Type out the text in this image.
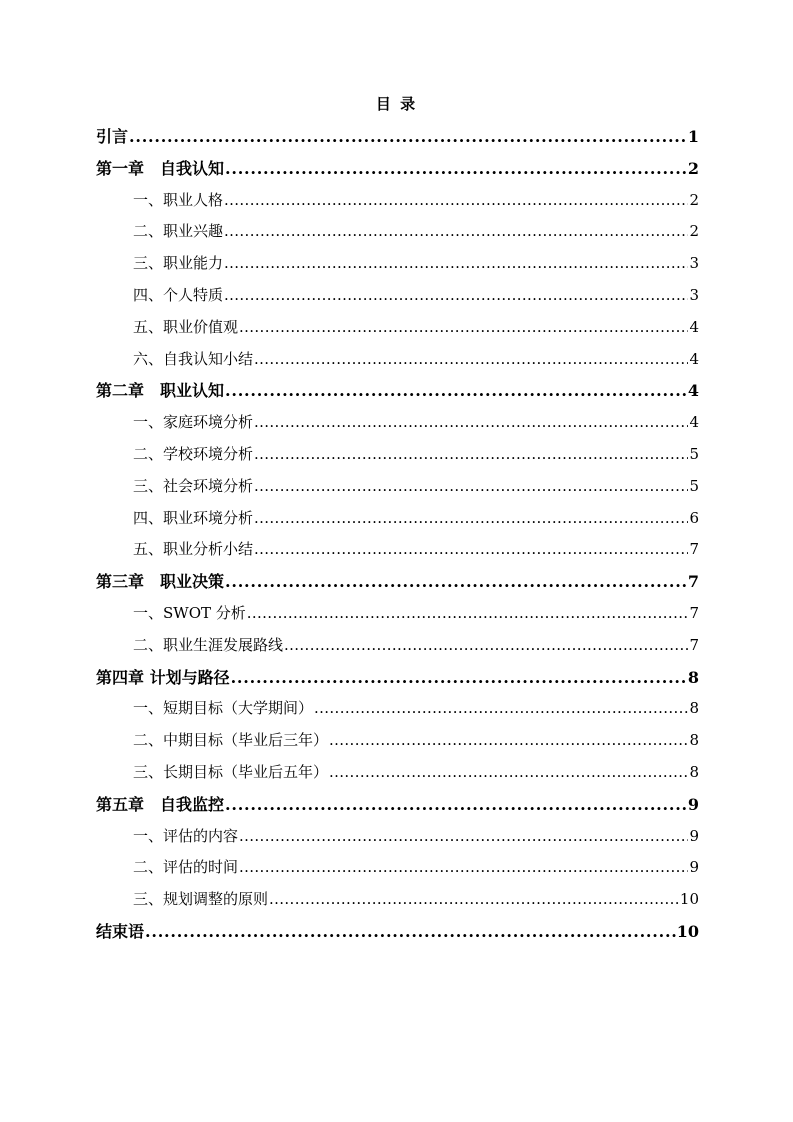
目 录
引言 . . .	1
第一章　自我认知 . . .	2
一、职业人格 . . .	2
二、职业兴趣 . . .	2
三、职业能力 . . .	3
四、个人特质 . . .	3
五、职业价值观 . . .	4
六、自我认知小结 . . .	4
第二章　职业认知 . . .	4
一、家庭环境分析 . . .	4
二、学校环境分析 . . .	5
三、社会环境分析 . . .	5
四、职业环境分析 . . .	6
五、职业分析小结 . . .	7
第三章　职业决策 . . .	7
一、SWOT 分析 . . .	7
二、职业生涯发展路线 . . .	7
第四章 计划与路径 . . .	8
一、短期目标（大学期间） . . .	8
二、中期目标（毕业后三年） . . .	8
三、长期目标（毕业后五年） . . .	8
第五章　自我监控 . . .	9
一、评估的内容 . . .	9
二、评估的时间 . . .	9
三、规划调整的原则 . . .	10
结束语 . . .	10
